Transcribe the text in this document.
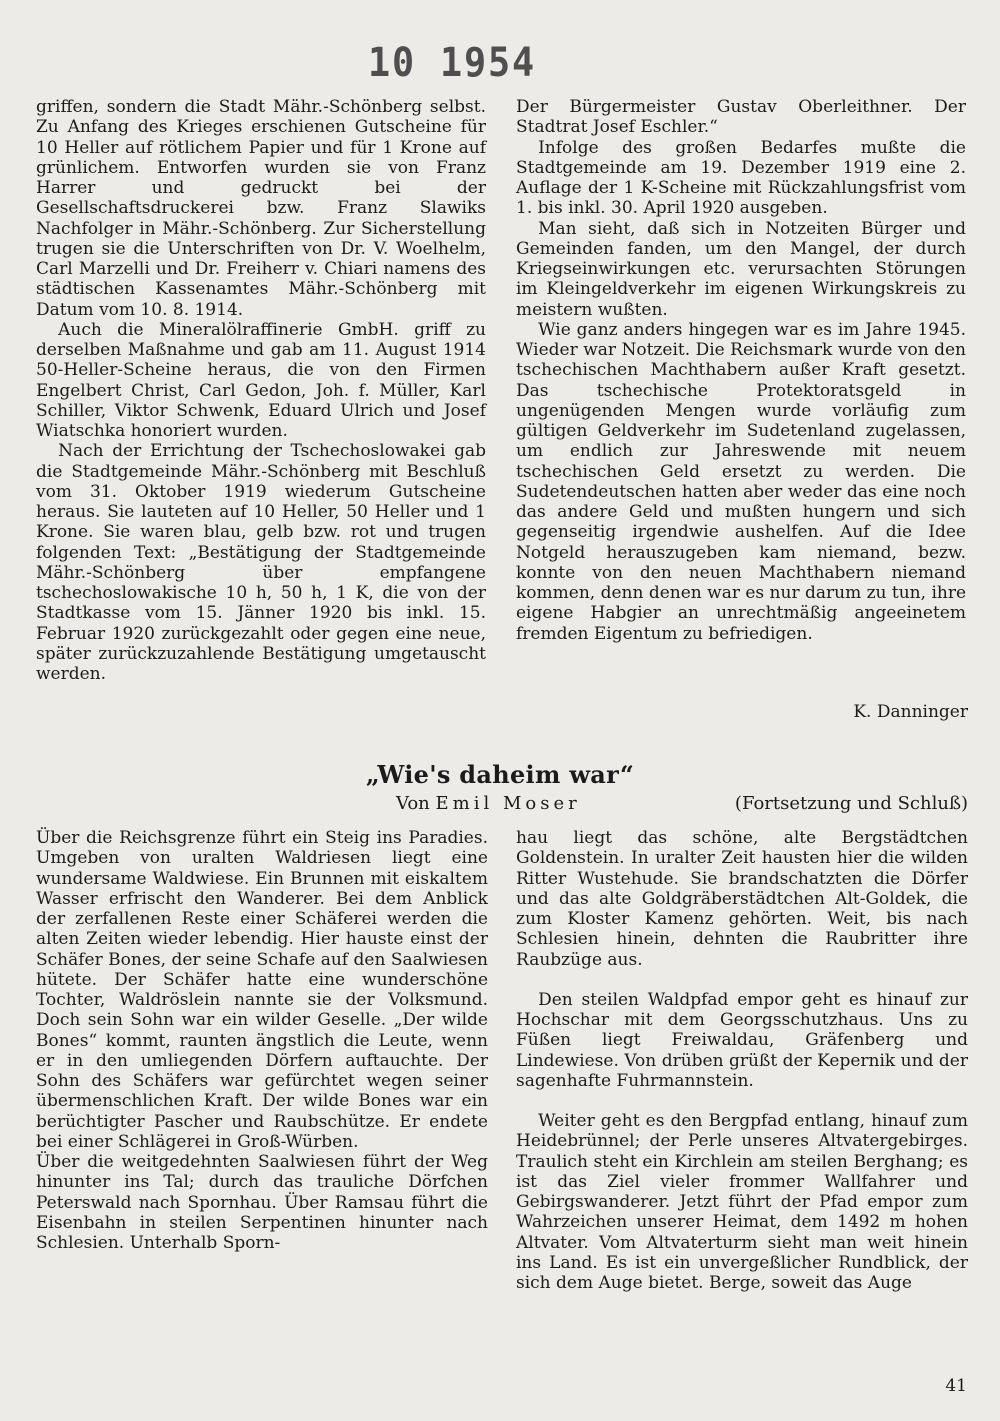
10 1954

griffen, sondern die Stadt Mähr.-Schönberg selbst. Zu Anfang des Krieges erschienen Gutscheine für 10 Heller auf rötlichem Papier und für 1 Krone auf grünlichem. Entworfen wurden sie von Franz Harrer und gedruckt bei der Gesellschaftsdruckerei bzw. Franz Slawiks Nachfolger in Mähr.-Schönberg. Zur Sicherstellung trugen sie die Unterschriften von Dr. V. Woelhelm, Carl Marzelli und Dr. Freiherr v. Chiari namens des städtischen Kassenamtes Mähr.-Schönberg mit Datum vom 10. 8. 1914.

Auch die Mineralölraffinerie GmbH. griff zu derselben Maßnahme und gab am 11. August 1914 50-Heller-Scheine heraus, die von den Firmen Engelbert Christ, Carl Gedon, Joh. f. Müller, Karl Schiller, Viktor Schwenk, Eduard Ulrich und Josef Wiatschka honoriert wurden.

Nach der Errichtung der Tschechoslowakei gab die Stadtgemeinde Mähr.-Schönberg mit Beschluß vom 31. Oktober 1919 wiederum Gutscheine heraus. Sie lauteten auf 10 Heller, 50 Heller und 1 Krone. Sie waren blau, gelb bzw. rot und trugen folgenden Text: „Bestätigung der Stadtgemeinde Mähr.-Schönberg über empfangene tschechoslowakische 10 h, 50 h, 1 K, die von der Stadtkasse vom 15. Jänner 1920 bis inkl. 15. Februar 1920 zurückgezahlt oder gegen eine neue, später zurückzuzahlende Bestätigung umgetauscht werden.

Der Bürgermeister Gustav Oberleithner. Der Stadtrat Josef Eschler.“

Infolge des großen Bedarfes mußte die Stadtgemeinde am 19. Dezember 1919 eine 2. Auflage der 1 K-Scheine mit Rückzahlungsfrist vom 1. bis inkl. 30. April 1920 ausgeben.

Man sieht, daß sich in Notzeiten Bürger und Gemeinden fanden, um den Mangel, der durch Kriegseinwirkungen etc. verursachten Störungen im Kleingeldverkehr im eigenen Wirkungskreis zu meistern wußten.

Wie ganz anders hingegen war es im Jahre 1945. Wieder war Notzeit. Die Reichsmark wurde von den tschechischen Machthabern außer Kraft gesetzt. Das tschechische Protektoratsgeld in ungenügenden Mengen wurde vorläufig zum gültigen Geldverkehr im Sudetenland zugelassen, um endlich zur Jahreswende mit neuem tschechischen Geld ersetzt zu werden. Die Sudetendeutschen hatten aber weder das eine noch das andere Geld und mußten hungern und sich gegenseitig irgendwie aushelfen. Auf die Idee Notgeld herauszugeben kam niemand, bezw. konnte von den neuen Machthabern niemand kommen, denn denen war es nur darum zu tun, ihre eigene Habgier an unrechtmäßig angeeinetem fremden Eigentum zu befriedigen.

K. Danninger
„Wie's daheim war“
Von Emil Moser	(Fortsetzung und Schluß)

Über die Reichsgrenze führt ein Steig ins Paradies. Umgeben von uralten Waldriesen liegt eine wundersame Waldwiese. Ein Brunnen mit eiskaltem Wasser erfrischt den Wanderer. Bei dem Anblick der zerfallenen Reste einer Schäferei werden die alten Zeiten wieder lebendig. Hier hauste einst der Schäfer Bones, der seine Schafe auf den Saalwiesen hütete. Der Schäfer hatte eine wunderschöne Tochter, Waldröslein nannte sie der Volksmund. Doch sein Sohn war ein wilder Geselle. „Der wilde Bones“ kommt, raunten ängstlich die Leute, wenn er in den umliegenden Dörfern auftauchte. Der Sohn des Schäfers war gefürchtet wegen seiner übermenschlichen Kraft. Der wilde Bones war ein berüchtigter Pascher und Raubschütze. Er endete bei einer Schlägerei in Groß-Würben.

Über die weitgedehnten Saalwiesen führt der Weg hinunter ins Tal; durch das trauliche Dörfchen Peterswald nach Spornhau. Über Ramsau führt die Eisenbahn in steilen Serpentinen hinunter nach Schlesien. Unterhalb Sporn-

hau liegt das schöne, alte Bergstädtchen Goldenstein. In uralter Zeit hausten hier die wilden Ritter Wustehude. Sie brandschatzten die Dörfer und das alte Goldgräberstädtchen Alt-Goldek, die zum Kloster Kamenz gehörten. Weit, bis nach Schlesien hinein, dehnten die Raubritter ihre Raubzüge aus.

Den steilen Waldpfad empor geht es hinauf zur Hochschar mit dem Georgsschutzhaus. Uns zu Füßen liegt Freiwaldau, Gräfenberg und Lindewiese. Von drüben grüßt der Kepernik und der sagenhafte Fuhrmannstein.

Weiter geht es den Bergpfad entlang, hinauf zum Heidebrünnel; der Perle unseres Altvatergebirges. Traulich steht ein Kirchlein am steilen Berghang; es ist das Ziel vieler frommer Wallfahrer und Gebirgswanderer. Jetzt führt der Pfad empor zum Wahrzeichen unserer Heimat, dem 1492 m hohen Altvater. Vom Altvaterturm sieht man weit hinein ins Land. Es ist ein unvergeßlicher Rundblick, der sich dem Auge bietet. Berge, soweit das Auge

41
